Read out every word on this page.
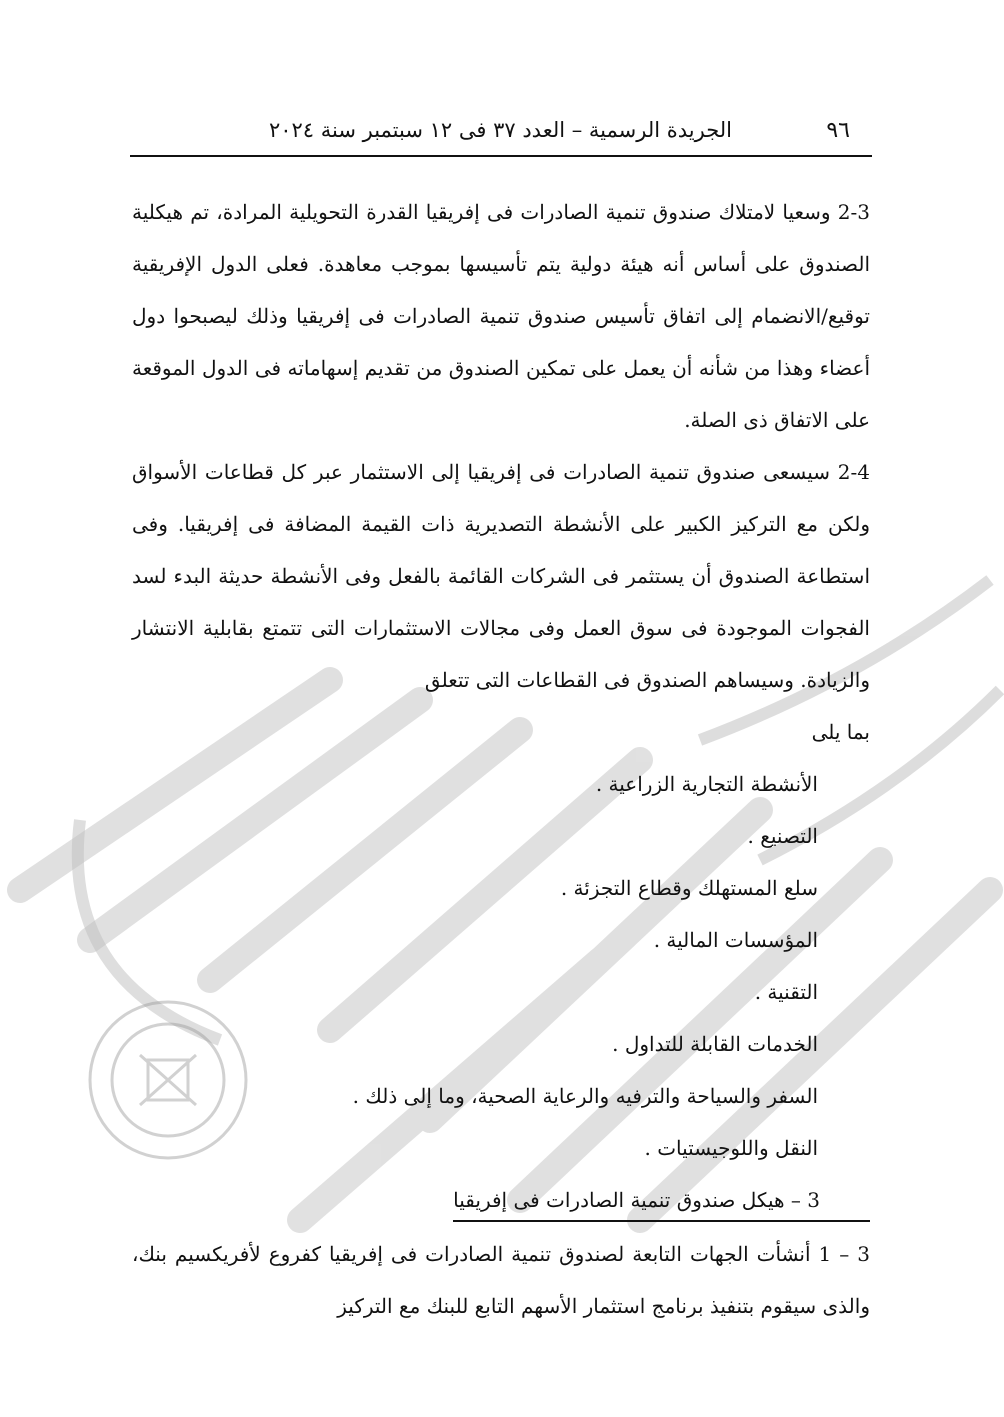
٩٦
الجريدة الرسمية – العدد ٣٧ فى ١٢ سبتمبر سنة ٢٠٢٤

2-3 وسعيا لامتلاك صندوق تنمية الصادرات فى إفريقيا القدرة التحويلية المرادة، تم هيكلية الصندوق على أساس أنه هيئة دولية يتم تأسيسها بموجب معاهدة. فعلى الدول الإفريقية توقيع/الانضمام إلى اتفاق تأسيس صندوق تنمية الصادرات فى إفريقيا وذلك ليصبحوا دول أعضاء وهذا من شأنه أن يعمل على تمكين الصندوق من تقديم إسهاماته فى الدول الموقعة على الاتفاق ذى الصلة.

2-4 سيسعى صندوق تنمية الصادرات فى إفريقيا إلى الاستثمار عبر كل قطاعات الأسواق ولكن مع التركيز الكبير على الأنشطة التصديرية ذات القيمة المضافة فى إفريقيا. وفى استطاعة الصندوق أن يستثمر فى الشركات القائمة بالفعل وفى الأنشطة حديثة البدء لسد الفجوات الموجودة فى سوق العمل وفى مجالات الاستثمارات التى تتمتع بقابلية الانتشار والزيادة. وسيساهم الصندوق فى القطاعات التى تتعلق

بما يلى

الأنشطة التجارية الزراعية .
التصنيع .
سلع المستهلك وقطاع التجزئة .
المؤسسات المالية .
التقنية .
الخدمات القابلة للتداول .
السفر والسياحة والترفيه والرعاية الصحية، وما إلى ذلك .
النقل واللوجيستيات .
3 – هيكل صندوق تنمية الصادرات فى إفريقيا

3 – 1 أنشأت الجهات التابعة لصندوق تنمية الصادرات فى إفريقيا كفروع لأفريكسيم بنك، والذى سيقوم بتنفيذ برنامج استثمار الأسهم التابع للبنك مع التركيز
